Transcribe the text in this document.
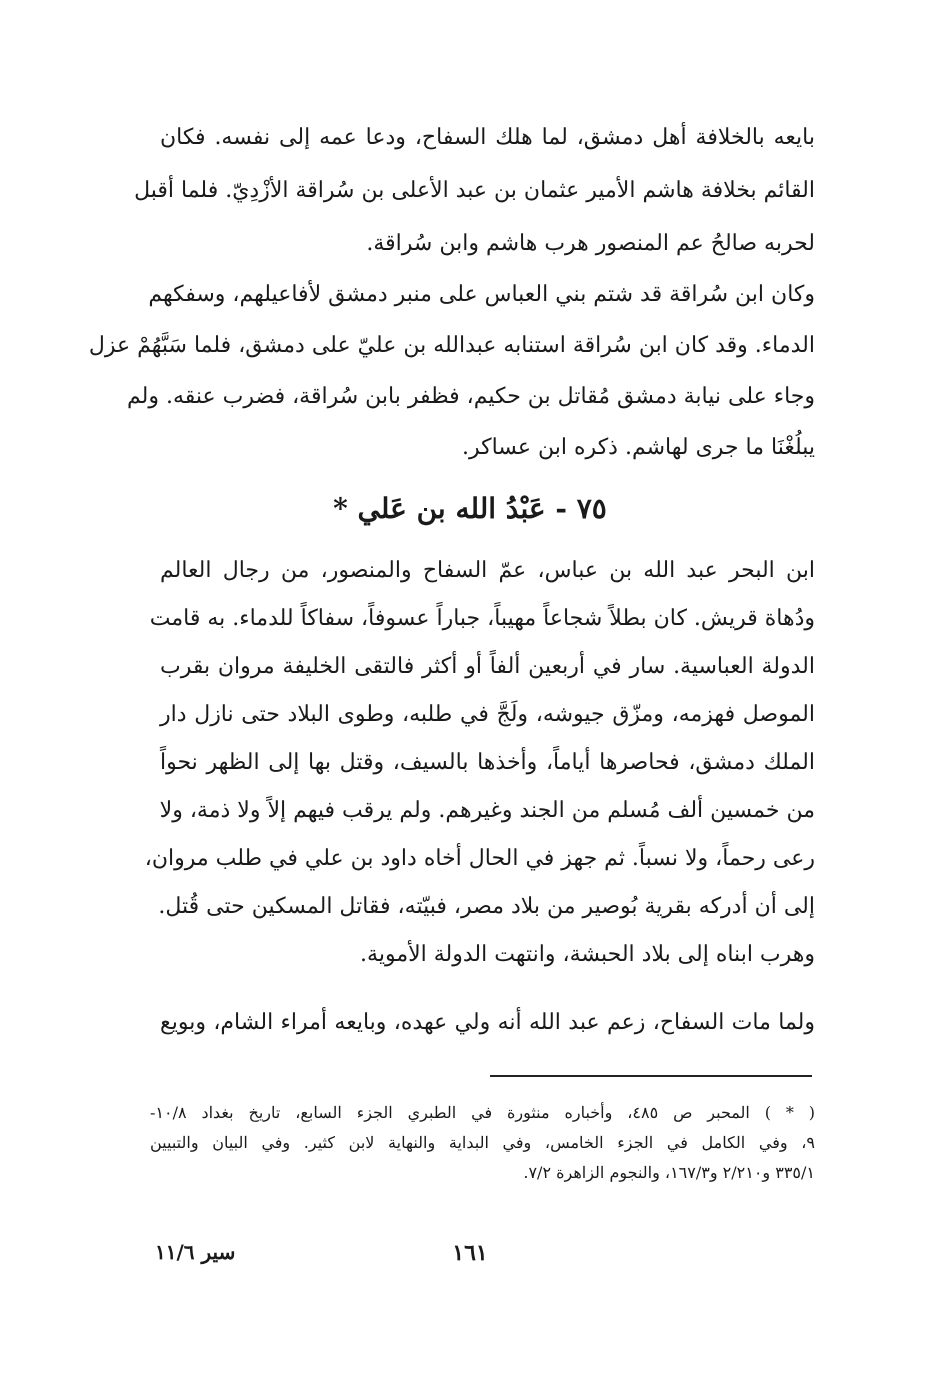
بايعه بالخلافة أهل دمشق، لما هلك السفاح، ودعا عمه إلى نفسه. فكان
القائم بخلافة هاشم الأمير عثمان بن عبد الأعلى بن سُراقة الأزْدِيّ. فلما أقبل
لحربه صالحُ عم المنصور هرب هاشم وابن سُراقة.
وكان ابن سُراقة قد شتم بني العباس على منبر دمشق لأفاعيلهم، وسفكهم
الدماء. وقد كان ابن سُراقة استنابه عبدالله بن عليّ على دمشق، فلما سَبَّهُمْ عزل
وجاء على نيابة دمشق مُقاتل بن حكيم، فظفر بابن سُراقة، فضرب عنقه. ولم
يبلُغْنَا ما جرى لهاشم. ذكره ابن عساكر.
٧٥ - عَبْدُ الله بن عَلي *
ابن البحر عبد الله بن عباس، عمّ السفاح والمنصور، من رجال العالم
ودُهاة قريش. كان بطلاً شجاعاً مهيباً، جباراً عسوفاً، سفاكاً للدماء. به قامت
الدولة العباسية. سار في أربعين ألفاً أو أكثر فالتقى الخليفة مروان بقرب
الموصل فهزمه، ومزّق جيوشه، ولَجَّ في طلبه، وطوى البلاد حتى نازل دار
الملك دمشق، فحاصرها أياماً، وأخذها بالسيف، وقتل بها إلى الظهر نحواً
من خمسين ألف مُسلم من الجند وغيرهم. ولم يرقب فيهم إلاً ولا ذمة، ولا
رعى رحماً، ولا نسباً. ثم جهز في الحال أخاه داود بن علي في طلب مروان،
إلى أن أدركه بقرية بُوصير من بلاد مصر، فبيّته، فقاتل المسكين حتى قُتل.
وهرب ابناه إلى بلاد الحبشة، وانتهت الدولة الأموية.
ولما مات السفاح، زعم عبد الله أنه ولي عهده، وبايعه أمراء الشام، وبويع
( * ) المحبر ص ٤٨٥، وأخباره منثورة في الطبري الجزء السابع، تاريخ بغداد ١٠/٨-
٩، وفي الكامل في الجزء الخامس، وفي البداية والنهاية لابن كثير. وفي البيان والتبيين
٣٣٥/١ و٢/٢١٠ و١٦٧/٣، والنجوم الزاهرة ٧/٢.
١٦١
سير ١١/٦
